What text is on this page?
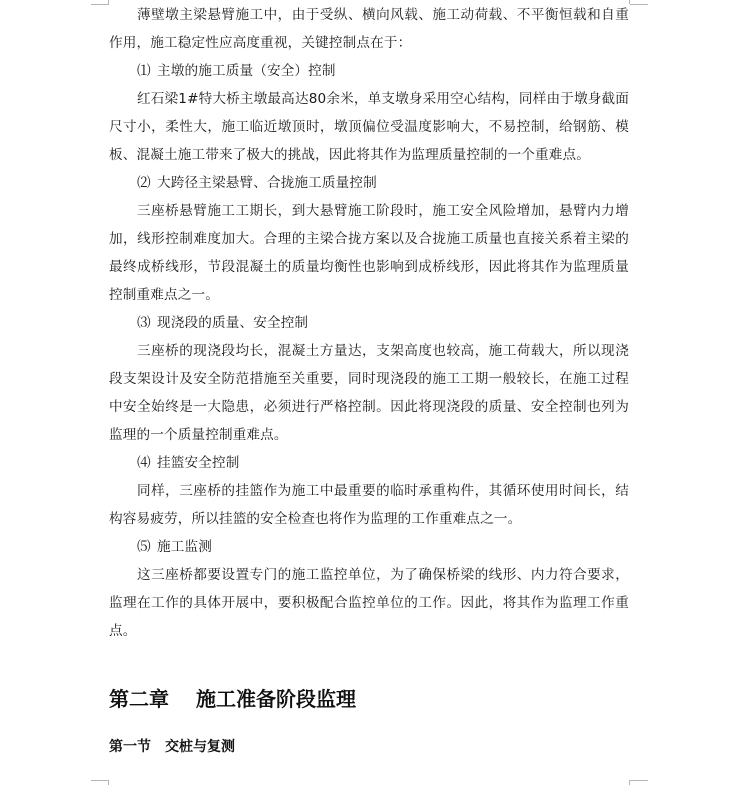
薄壁墩主梁悬臂施工中，由于受纵、横向风载、施工动荷载、不平衡恒载和自重作用，施工稳定性应高度重视，关键控制点在于：

⑴ 主墩的施工质量（安全）控制

红石梁1#特大桥主墩最高达80余米，单支墩身采用空心结构，同样由于墩身截面尺寸小，柔性大，施工临近墩顶时，墩顶偏位受温度影响大，不易控制，给钢筋、模板、混凝土施工带来了极大的挑战，因此将其作为监理质量控制的一个重难点。

⑵ 大跨径主梁悬臂、合拢施工质量控制

三座桥悬臂施工工期长，到大悬臂施工阶段时，施工安全风险增加，悬臂内力增加，线形控制难度加大。合理的主梁合拢方案以及合拢施工质量也直接关系着主梁的最终成桥线形，节段混凝土的质量均衡性也影响到成桥线形，因此将其作为监理质量控制重难点之一。

⑶ 现浇段的质量、安全控制

三座桥的现浇段均长，混凝土方量达，支架高度也较高，施工荷载大，所以现浇段支架设计及安全防范措施至关重要，同时现浇段的施工工期一般较长，在施工过程中安全始终是一大隐患，必须进行严格控制。因此将现浇段的质量、安全控制也列为监理的一个质量控制重难点。

⑷ 挂篮安全控制

同样，三座桥的挂篮作为施工中最重要的临时承重构件，其循环使用时间长，结构容易疲劳，所以挂篮的安全检查也将作为监理的工作重难点之一。

⑸ 施工监测

这三座桥都要设置专门的施工监控单位，为了确保桥梁的线形、内力符合要求，监理在工作的具体开展中，要积极配合监控单位的工作。因此，将其作为监理工作重点。

第二章　 施工准备阶段监理
第一节　交桩与复测
